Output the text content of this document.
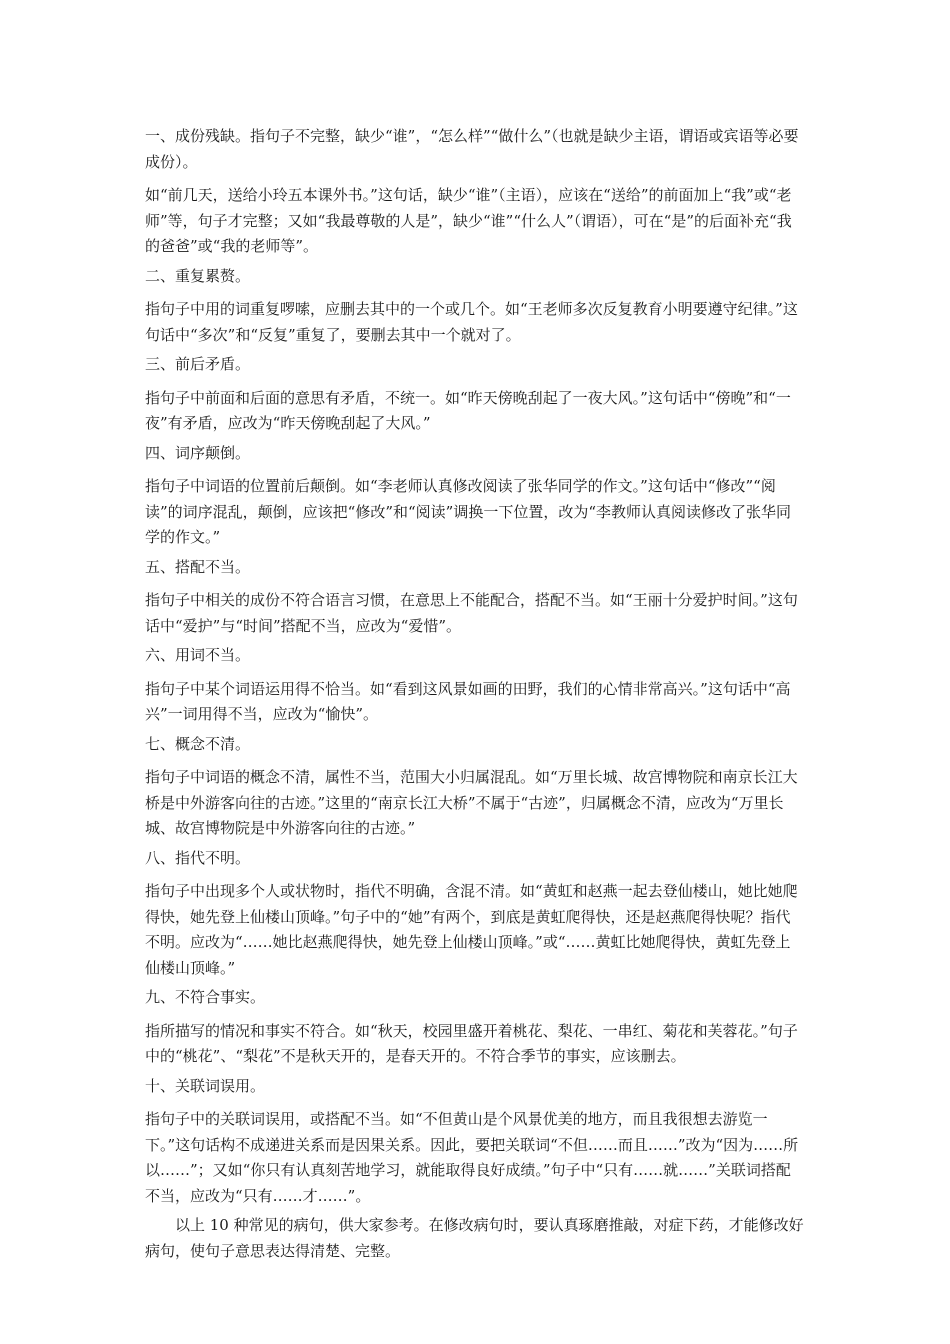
一、成份残缺。指句子不完整，缺少“谁”，“怎么样”“做什么”（也就是缺少主语，谓语或宾语等必要成份）。

如“前几天，送给小玲五本课外书。”这句话，缺少“谁”（主语），应该在“送给”的前面加上“我”或“老师”等，句子才完整；又如“我最尊敬的人是”，缺少“谁”“什么人”（谓语），可在“是”的后面补充“我的爸爸”或“我的老师等”。

二、重复累赘。

指句子中用的词重复啰嗦，应删去其中的一个或几个。如“王老师多次反复教育小明要遵守纪律。”这句话中“多次”和“反复”重复了，要删去其中一个就对了。

三、前后矛盾。

指句子中前面和后面的意思有矛盾，不统一。如“昨天傍晚刮起了一夜大风。”这句话中“傍晚”和“一夜”有矛盾，应改为“昨天傍晚刮起了大风。”

四、词序颠倒。

指句子中词语的位置前后颠倒。如“李老师认真修改阅读了张华同学的作文。”这句话中“修改”“阅读”的词序混乱，颠倒，应该把“修改”和“阅读”调换一下位置，改为“李教师认真阅读修改了张华同学的作文。”

五、搭配不当。

指句子中相关的成份不符合语言习惯，在意思上不能配合，搭配不当。如“王丽十分爱护时间。”这句话中“爱护”与“时间”搭配不当，应改为“爱惜”。

六、用词不当。

指句子中某个词语运用得不恰当。如“看到这风景如画的田野，我们的心情非常高兴。”这句话中“高兴”一词用得不当，应改为“愉快”。

七、概念不清。

指句子中词语的概念不清，属性不当，范围大小归属混乱。如“万里长城、故宫博物院和南京长江大桥是中外游客向往的古迹。”这里的“南京长江大桥”不属于“古迹”，归属概念不清，应改为“万里长城、故宫博物院是中外游客向往的古迹。”

八、指代不明。

指句子中出现多个人或状物时，指代不明确，含混不清。如“黄虹和赵燕一起去登仙楼山，她比她爬得快，她先登上仙楼山顶峰。”句子中的“她”有两个，到底是黄虹爬得快，还是赵燕爬得快呢？指代不明。应改为“……她比赵燕爬得快，她先登上仙楼山顶峰。”或“……黄虹比她爬得快，黄虹先登上仙楼山顶峰。”

九、不符合事实。

指所描写的情况和事实不符合。如“秋天，校园里盛开着桃花、梨花、一串红、菊花和芙蓉花。”句子中的“桃花”、“梨花”不是秋天开的，是春天开的。不符合季节的事实，应该删去。

十、关联词误用。

指句子中的关联词误用，或搭配不当。如“不但黄山是个风景优美的地方，而且我很想去游览一下。”这句话构不成递进关系而是因果关系。因此，要把关联词“不但……而且……”改为“因为……所以……”；又如“你只有认真刻苦地学习，就能取得良好成绩。”句子中“只有……就……”关联词搭配不当，应改为“只有……才……”。

以上 10 种常见的病句，供大家参考。在修改病句时，要认真琢磨推敲，对症下药，才能修改好病句，使句子意思表达得清楚、完整。
